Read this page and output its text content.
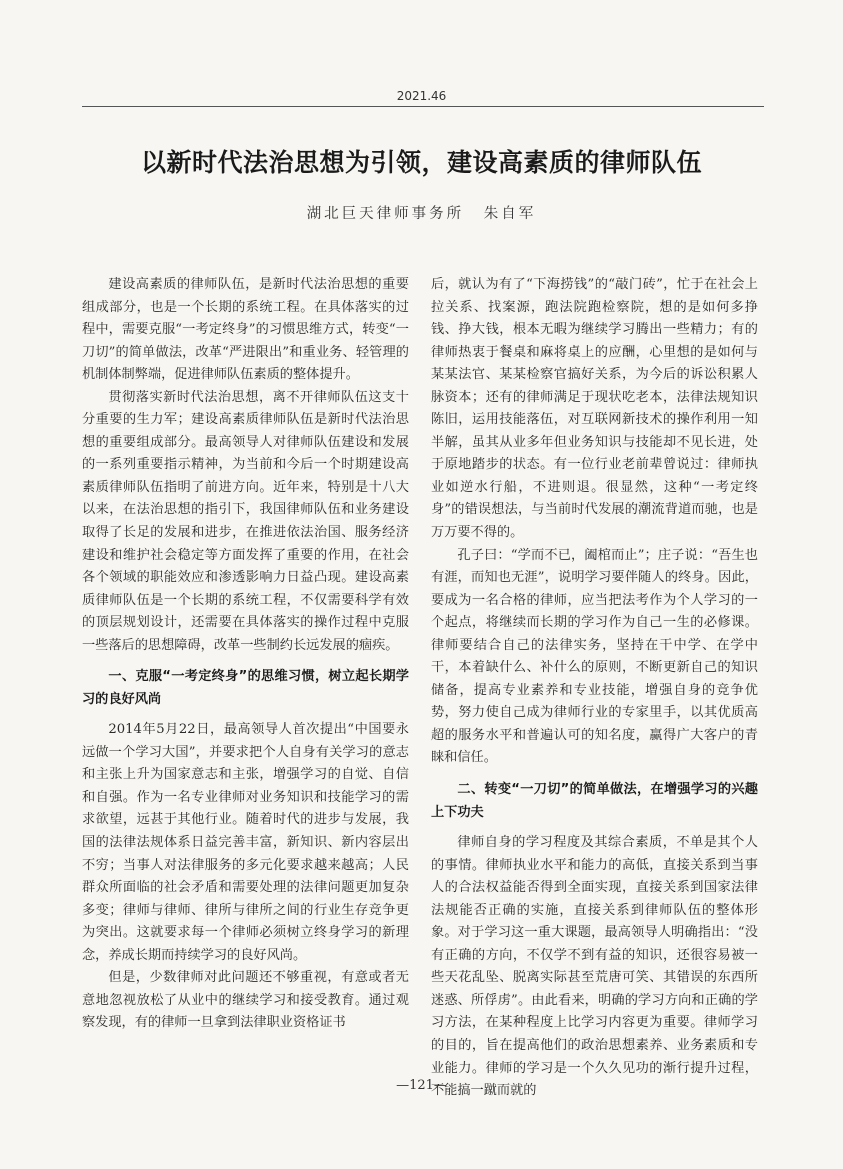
2021.46
以新时代法治思想为引领，建设高素质的律师队伍
湖北巨天律师事务所 朱自军

建设高素质的律师队伍，是新时代法治思想的重要组成部分，也是一个长期的系统工程。在具体落实的过程中，需要克服“一考定终身”的习惯思维方式，转变“一刀切”的简单做法，改革“严进限出”和重业务、轻管理的机制体制弊端，促进律师队伍素质的整体提升。

贯彻落实新时代法治思想，离不开律师队伍这支十分重要的生力军；建设高素质律师队伍是新时代法治思想的重要组成部分。最高领导人对律师队伍建设和发展的一系列重要指示精神，为当前和今后一个时期建设高素质律师队伍指明了前进方向。近年来，特别是十八大以来，在法治思想的指引下，我国律师队伍和业务建设取得了长足的发展和进步，在推进依法治国、服务经济建设和维护社会稳定等方面发挥了重要的作用，在社会各个领域的职能效应和渗透影响力日益凸现。建设高素质律师队伍是一个长期的系统工程，不仅需要科学有效的顶层规划设计，还需要在具体落实的操作过程中克服一些落后的思想障碍，改革一些制约长远发展的痼疾。

一、克服“一考定终身”的思维习惯，树立起长期学习的良好风尚

2014年5月22日，最高领导人首次提出“中国要永远做一个学习大国”，并要求把个人自身有关学习的意志和主张上升为国家意志和主张，增强学习的自觉、自信和自强。作为一名专业律师对业务知识和技能学习的需求欲望，远甚于其他行业。随着时代的进步与发展，我国的法律法规体系日益完善丰富，新知识、新内容层出不穷；当事人对法律服务的多元化要求越来越高；人民群众所面临的社会矛盾和需要处理的法律问题更加复杂多变；律师与律师、律所与律所之间的行业生存竞争更为突出。这就要求每一个律师必须树立终身学习的新理念，养成长期而持续学习的良好风尚。

但是，少数律师对此问题还不够重视，有意或者无意地忽视放松了从业中的继续学习和接受教育。通过观察发现，有的律师一旦拿到法律职业资格证书

后，就认为有了“下海捞钱”的“敲门砖”，忙于在社会上拉关系、找案源，跑法院跑检察院，想的是如何多挣钱、挣大钱，根本无暇为继续学习腾出一些精力；有的律师热衷于餐桌和麻将桌上的应酬，心里想的是如何与某某法官、某某检察官搞好关系，为今后的诉讼积累人脉资本；还有的律师满足于现状吃老本，法律法规知识陈旧，运用技能落伍，对互联网新技术的操作利用一知半解，虽其从业多年但业务知识与技能却不见长进，处于原地踏步的状态。有一位行业老前辈曾说过：律师执业如逆水行船，不进则退。很显然，这种“一考定终身”的错误想法，与当前时代发展的潮流背道而驰，也是万万要不得的。

孔子曰：“学而不已，阖棺而止”；庄子说：“吾生也有涯，而知也无涯”，说明学习要伴随人的终身。因此，要成为一名合格的律师，应当把法考作为个人学习的一个起点，将继续而长期的学习作为自己一生的必修课。律师要结合自己的法律实务，坚持在干中学、在学中干，本着缺什么、补什么的原则，不断更新自己的知识储备，提高专业素养和专业技能，增强自身的竞争优势，努力使自己成为律师行业的专家里手，以其优质高超的服务水平和普遍认可的知名度，赢得广大客户的青睐和信任。

二、转变“一刀切”的简单做法，在增强学习的兴趣上下功夫

律师自身的学习程度及其综合素质，不单是其个人的事情。律师执业水平和能力的高低，直接关系到当事人的合法权益能否得到全面实现，直接关系到国家法律法规能否正确的实施，直接关系到律师队伍的整体形象。对于学习这一重大课题，最高领导人明确指出：“没有正确的方向，不仅学不到有益的知识，还很容易被一些天花乱坠、脱离实际甚至荒唐可笑、其错误的东西所迷惑、所俘虏”。由此看来，明确的学习方向和正确的学习方法，在某种程度上比学习内容更为重要。律师学习的目的，旨在提高他们的政治思想素养、业务素质和专业能力。律师的学习是一个久久见功的渐行提升过程，不能搞一蹴而就的

—121—
